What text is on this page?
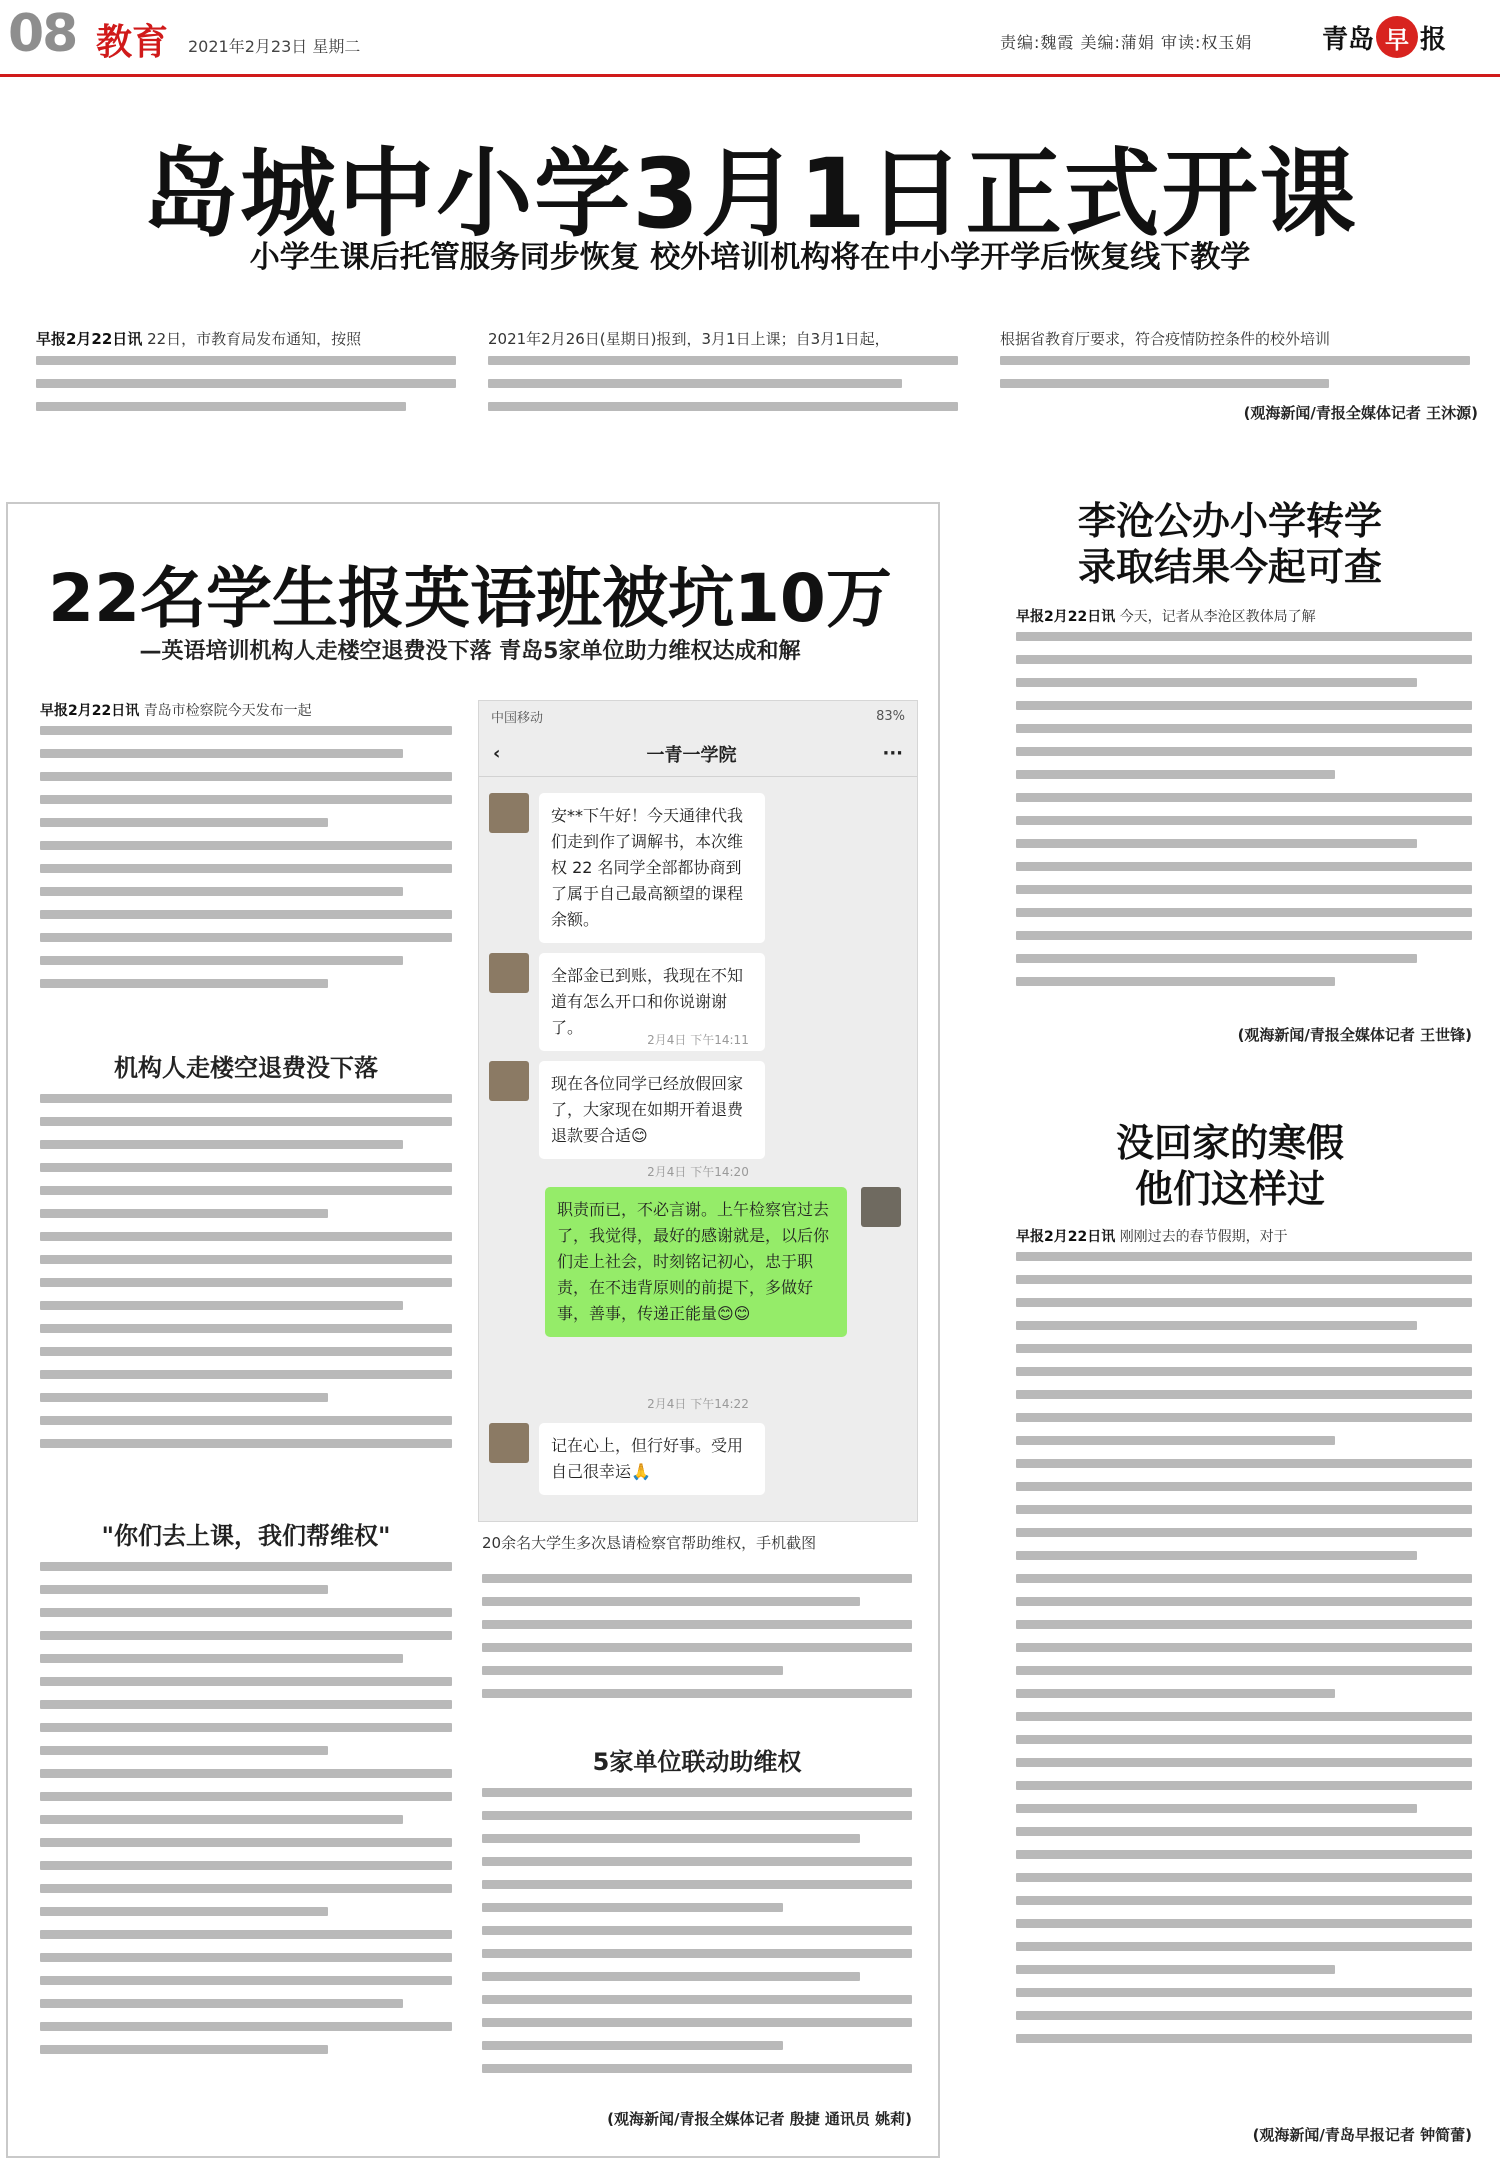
08 教育 2021年2月23日 星期二	责编:魏霞 美编:蒲娟 审读:权玉娟	青岛 早 报
岛城中小学3月1日正式开课
小学生课后托管服务同步恢复 校外培训机构将在中小学开学后恢复线下教学
早报2月22日讯 22日，市教育局发布通知，按照	2021年2月26日(星期日)报到，3月1日上课；自3月1日起，	根据省教育厅要求，符合疫情防控条件的校外培训
(观海新闻/青报全媒体记者 王沐源)
22名学生报英语班被坑10万
—英语培训机构人走楼空退费没下落 青岛5家单位助力维权达成和解
早报2月22日讯 青岛市检察院今天发布一起
机构人走楼空退费没下落
"你们去上课，我们帮维权"
中国移动	83%
‹	一青一学院	···
安**下午好！今天通律代我们走到作了调解书，本次维权 22 名同学全部都协商到了属于自己最高额望的课程余额。
全部金已到账，我现在不知道有怎么开口和你说谢谢了。
2月4日 下午14:11
现在各位同学已经放假回家了，大家现在如期开着退费退款要合适😊
2月4日 下午14:20
职责而已，不必言谢。上午检察官过去了，我觉得，最好的感谢就是，以后你们走上社会，时刻铭记初心，忠于职责，在不违背原则的前提下，多做好事，善事，传递正能量😊😊
2月4日 下午14:22
记在心上，但行好事。受用自己很幸运🙏
20余名大学生多次恳请检察官帮助维权，手机截图
5家单位联动助维权
(观海新闻/青报全媒体记者 殷捷 通讯员 姚莉)
李沧公办小学转学
录取结果今起可查
早报2月22日讯 今天，记者从李沧区教体局了解
(观海新闻/青报全媒体记者 王世锋)
没回家的寒假
他们这样过
早报2月22日讯 刚刚过去的春节假期，对于
(观海新闻/青岛早报记者 钟简蕾)
